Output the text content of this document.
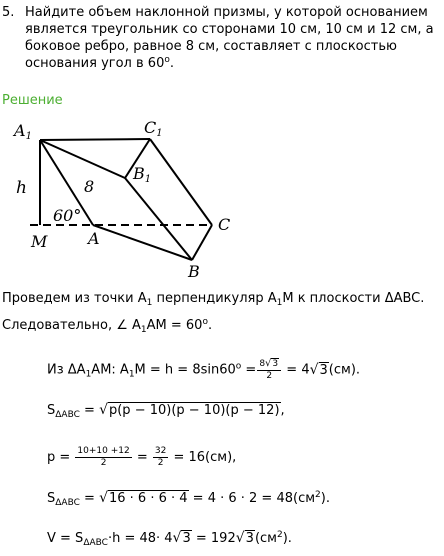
5. Найдите объем наклонной призмы, у которой основанием является треугольник со сторонами 10 см, 10 см и 12 см, а боковое ребро, равное 8 см, составляет с плоскостью основания угол в 60$^o$.
Решение
A1	C1
B1
h	8
60°
M	A
B
C
Проведем из точки $A_1$ перпендикуляр $A_1M$ к плоскости ΔABC.
Следовательно, ∠ $A_1AM = 60^o$.
Из $\Delta A_1AM$: $A_1M = h = 8\sin 60^o = \frac{8√3}{2} = 4√3(см)$.
$S_{\Delta ABC} = √p(p - 10)(p - 10)(p - 12)$,
$p = \frac{10+10 +12}{2} = \frac{32}{2} = 16(см)$,
$S_{\Delta ABC} = √16 \cdot 6 \cdot 6 \cdot 4 = 4 \cdot 6 \cdot 2 = 48(см^2)$.
$V = S_{\Delta ABC}\cdot h = 48\cdot 4√3 = 192√3(см^2)$.
